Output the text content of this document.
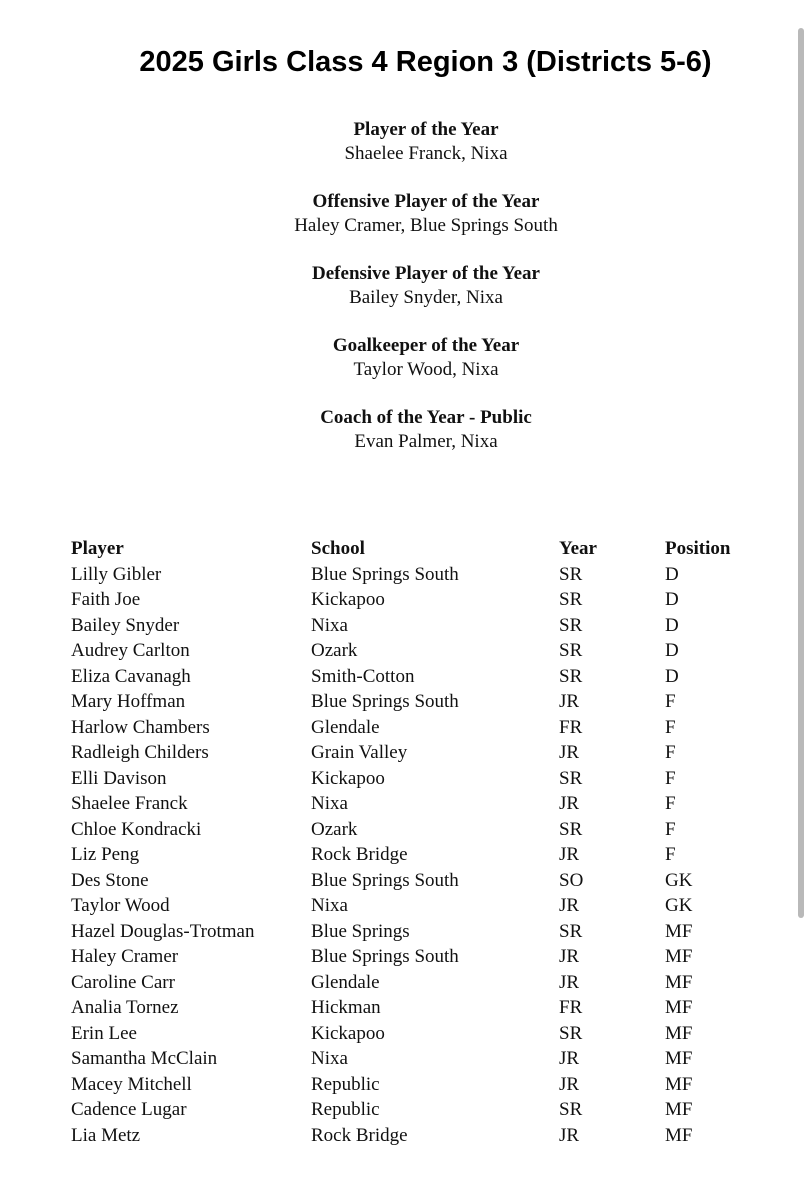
2025 Girls Class 4 Region 3 (Districts 5-6)
Player of the Year
Shaelee Franck, Nixa
Offensive Player of the Year
Haley Cramer, Blue Springs South
Defensive Player of the Year
Bailey Snyder, Nixa
Goalkeeper of the Year
Taylor Wood, Nixa
Coach of the Year - Public
Evan Palmer, Nixa
Player	School	Year	Position
Lilly Gibler	Blue Springs South	SR	D
Faith Joe	Kickapoo	SR	D
Bailey Snyder	Nixa	SR	D
Audrey Carlton	Ozark	SR	D
Eliza Cavanagh	Smith-Cotton	SR	D
Mary Hoffman	Blue Springs South	JR	F
Harlow Chambers	Glendale	FR	F
Radleigh Childers	Grain Valley	JR	F
Elli Davison	Kickapoo	SR	F
Shaelee Franck	Nixa	JR	F
Chloe Kondracki	Ozark	SR	F
Liz Peng	Rock Bridge	JR	F
Des Stone	Blue Springs South	SO	GK
Taylor Wood	Nixa	JR	GK
Hazel Douglas-Trotman	Blue Springs	SR	MF
Haley Cramer	Blue Springs South	JR	MF
Caroline Carr	Glendale	JR	MF
Analia Tornez	Hickman	FR	MF
Erin Lee	Kickapoo	SR	MF
Samantha McClain	Nixa	JR	MF
Macey Mitchell	Republic	JR	MF
Cadence Lugar	Republic	SR	MF
Lia Metz	Rock Bridge	JR	MF
